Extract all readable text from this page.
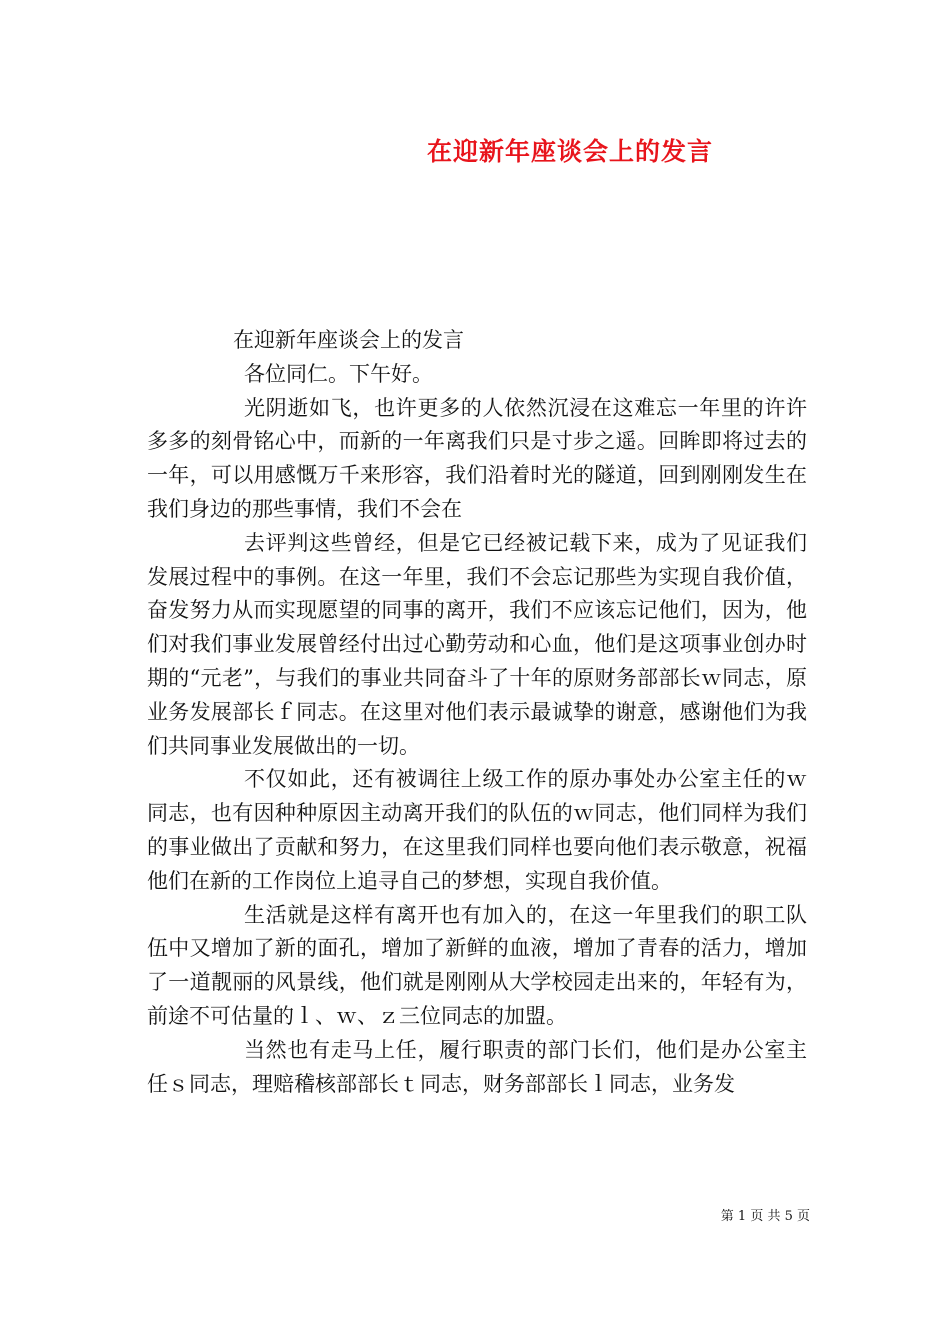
在迎新年座谈会上的发言

在迎新年座谈会上的发言

各位同仁。下午好。

光阴逝如飞，也许更多的人依然沉浸在这难忘一年里的许许多多的刻骨铭心中，而新的一年离我们只是寸步之遥。回眸即将过去的一年，可以用感慨万千来形容，我们沿着时光的隧道，回到刚刚发生在我们身边的那些事情，我们不会在

去评判这些曾经，但是它已经被记载下来，成为了见证我们发展过程中的事例。在这一年里，我们不会忘记那些为实现自我价值，奋发努力从而实现愿望的同事的离开，我们不应该忘记他们，因为，他们对我们事业发展曾经付出过心勤劳动和心血，他们是这项事业创办时期的“元老”，与我们的事业共同奋斗了十年的原财务部部长ｗ同志，原业务发展部长ｆ同志。在这里对他们表示最诚挚的谢意，感谢他们为我们共同事业发展做出的一切。

不仅如此，还有被调往上级工作的原办事处办公室主任的ｗ同志，也有因种种原因主动离开我们的队伍的ｗ同志，他们同样为我们的事业做出了贡献和努力，在这里我们同样也要向他们表示敬意，祝福他们在新的工作岗位上追寻自己的梦想，实现自我价值。

生活就是这样有离开也有加入的，在这一年里我们的职工队伍中又增加了新的面孔，增加了新鲜的血液，增加了青春的活力，增加了一道靓丽的风景线，他们就是刚刚从大学校园走出来的，年轻有为，前途不可估量的ｌ、ｗ、ｚ三位同志的加盟。

当然也有走马上任，履行职责的部门长们，他们是办公室主任ｓ同志，理赔稽核部部长ｔ同志，财务部部长ｌ同志，业务发

第 1 页 共 5 页
